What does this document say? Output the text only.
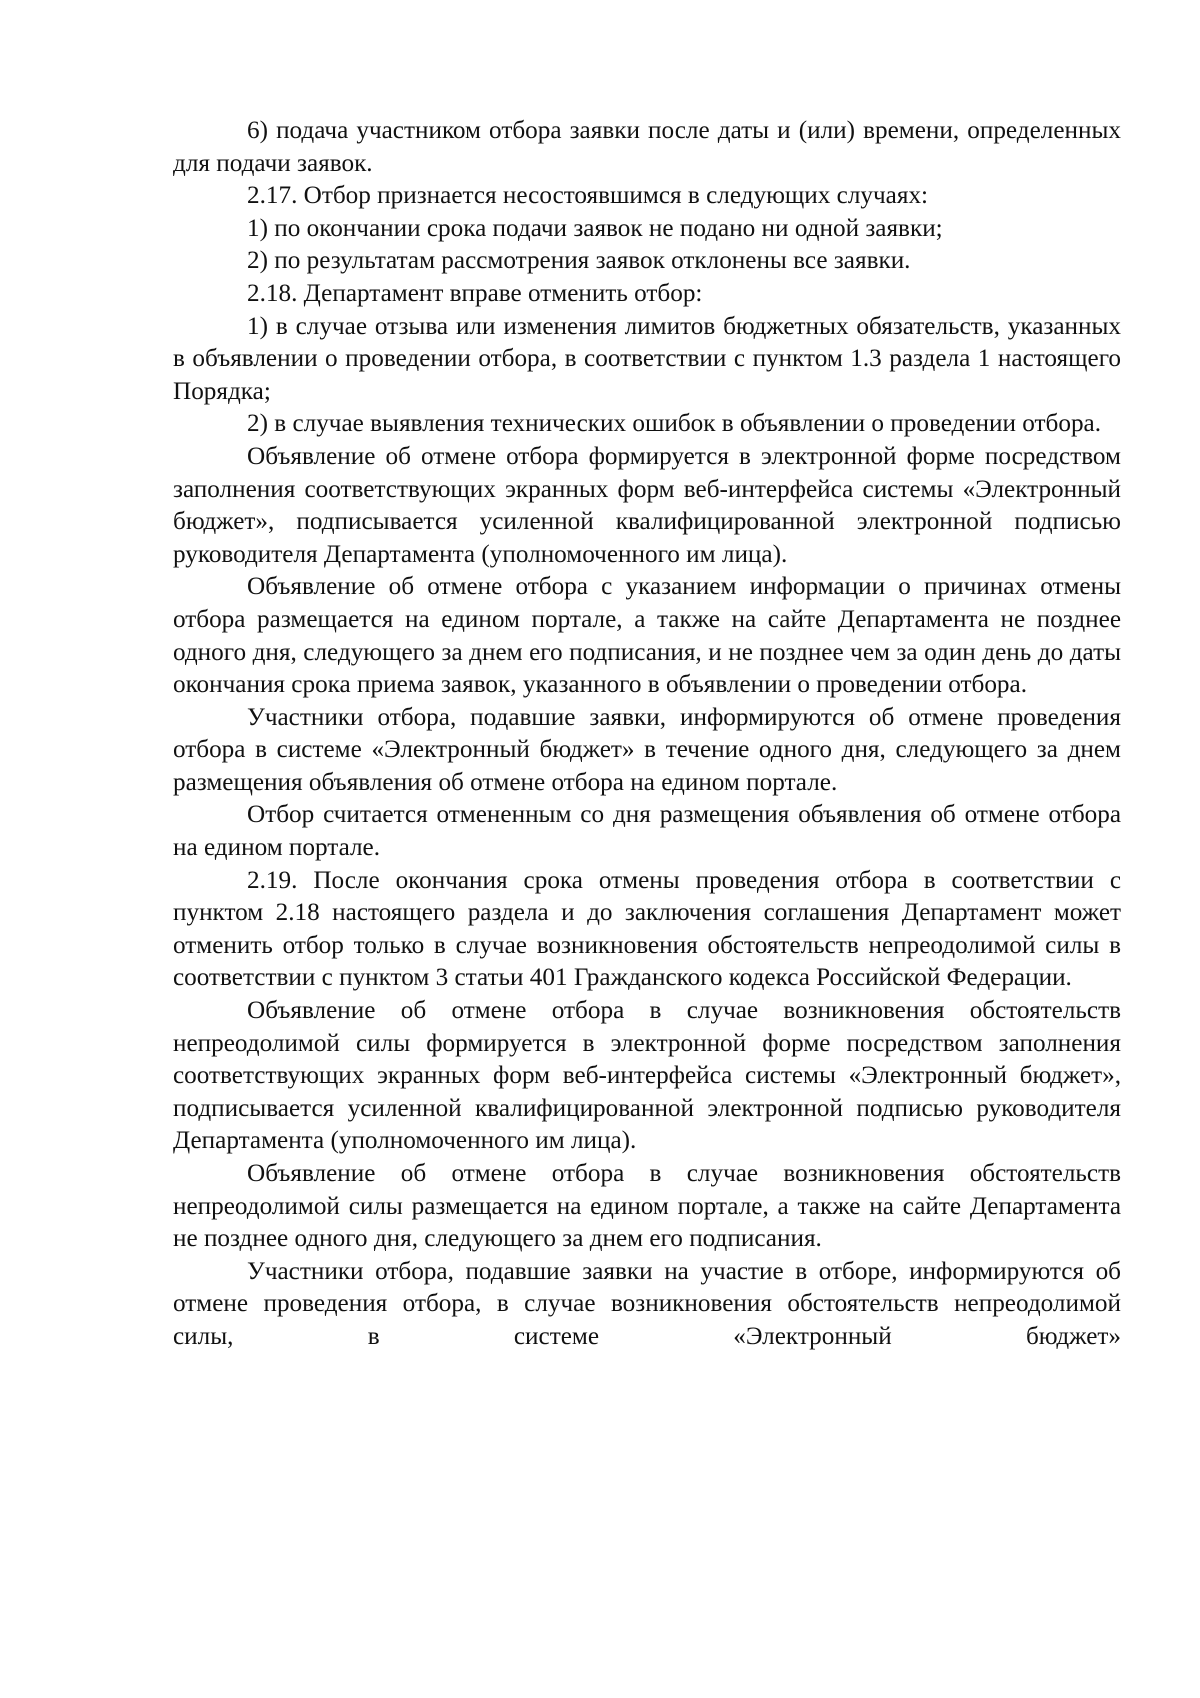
6) подача участником отбора заявки после даты и (или) времени, определенных для подачи заявок.

2.17. Отбор признается несостоявшимся в следующих случаях:

1) по окончании срока подачи заявок не подано ни одной заявки;

2) по результатам рассмотрения заявок отклонены все заявки.

2.18. Департамент вправе отменить отбор:

1) в случае отзыва или изменения лимитов бюджетных обязательств, указанных в объявлении о проведении отбора, в соответствии с пунктом 1.3 раздела 1 настоящего Порядка;

2) в случае выявления технических ошибок в объявлении о проведении отбора.

Объявление об отмене отбора формируется в электронной форме посредством заполнения соответствующих экранных форм веб-интерфейса системы «Электронный бюджет», подписывается усиленной квалифицированной электронной подписью руководителя Департамента (уполномоченного им лица).

Объявление об отмене отбора с указанием информации о причинах отмены отбора размещается на едином портале, а также на сайте Департамента не позднее одного дня, следующего за днем его подписания, и не позднее чем за один день до даты окончания срока приема заявок, указанного в объявлении о проведении отбора.

Участники отбора, подавшие заявки, информируются об отмене проведения отбора в системе «Электронный бюджет» в течение одного дня, следующего за днем размещения объявления об отмене отбора на едином портале.

Отбор считается отмененным со дня размещения объявления об отмене отбора на едином портале.

2.19. После окончания срока отмены проведения отбора в соответствии с пунктом 2.18 настоящего раздела и до заключения соглашения Департамент может отменить отбор только в случае возникновения обстоятельств непреодолимой силы в соответствии с пунктом 3 статьи 401 Гражданского кодекса Российской Федерации.

Объявление об отмене отбора в случае возникновения обстоятельств непреодолимой силы формируется в электронной форме посредством заполнения соответствующих экранных форм веб-интерфейса системы «Электронный бюджет», подписывается усиленной квалифицированной электронной подписью руководителя Департамента (уполномоченного им лица).

Объявление об отмене отбора в случае возникновения обстоятельств непреодолимой силы размещается на едином портале, а также на сайте Департамента не позднее одного дня, следующего за днем его подписания.

Участники отбора, подавшие заявки на участие в отборе, информируются об отмене проведения отбора, в случае возникновения обстоятельств непреодолимой силы, в системе «Электронный бюджет»
